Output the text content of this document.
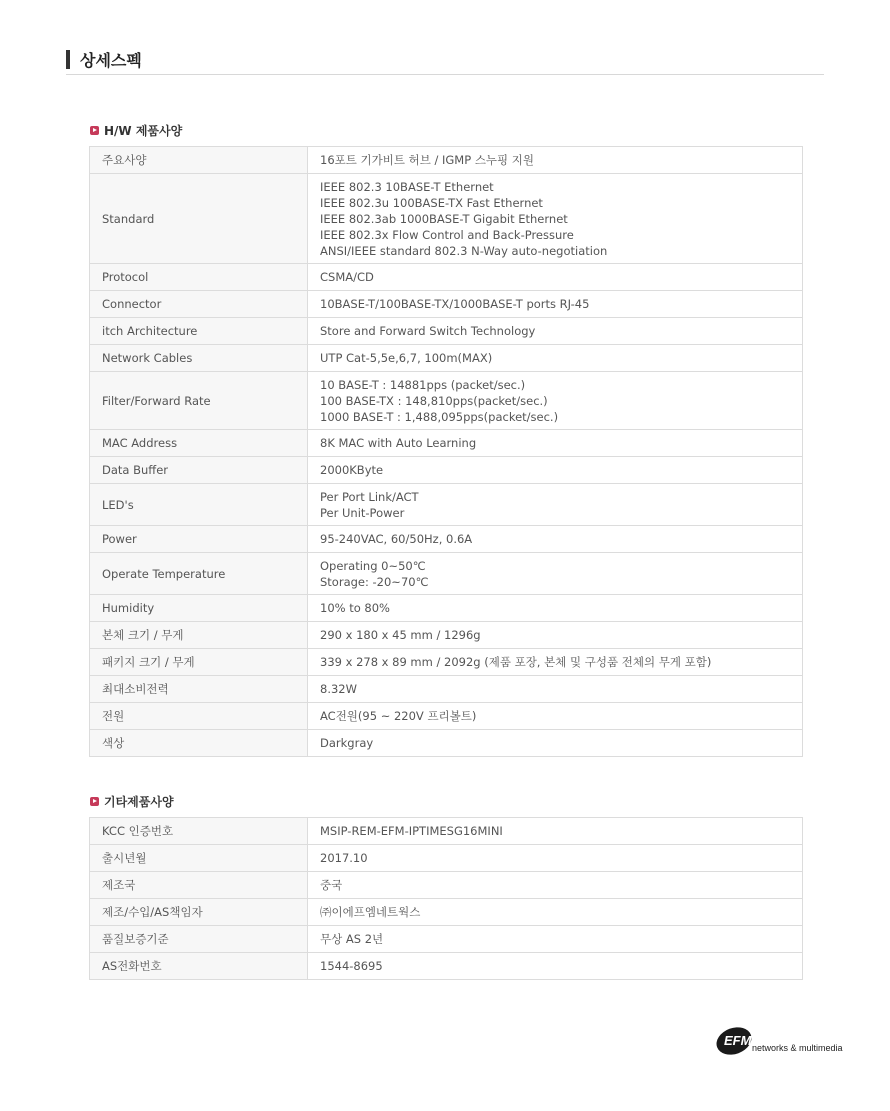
상세스펙
H/W 제품사양
주요사양	16포트 기가비트 허브 / IGMP 스누핑 지원

Standard	IEEE 802.3 10BASE-T Ethernet
IEEE 802.3u 100BASE-TX Fast Ethernet
IEEE 802.3ab 1000BASE-T Gigabit Ethernet
IEEE 802.3x Flow Control and Back-Pressure
ANSI/IEEE standard 802.3 N-Way auto-negotiation

Protocol	CSMA/CD

Connector	10BASE-T/100BASE-TX/1000BASE-T ports RJ-45

itch Architecture	Store and Forward Switch Technology

Network Cables	UTP Cat-5,5e,6,7, 100m(MAX)

Filter/Forward Rate	10 BASE-T : 14881pps (packet/sec.)
100 BASE-TX : 148,810pps(packet/sec.)
1000 BASE-T : 1,488,095pps(packet/sec.)

MAC Address	8K MAC with Auto Learning

Data Buffer	2000KByte

LED's	Per Port Link/ACT
Per Unit-Power

Power	95-240VAC, 60/50Hz, 0.6A

Operate Temperature	Operating 0~50℃
Storage: -20~70℃

Humidity	10% to 80%

본체 크기 / 무게	290 x 180 x 45 mm / 1296g

패키지 크기 / 무게	339 x 278 x 89 mm / 2092g (제품 포장, 본체 및 구성품 전체의 무게 포함)

최대소비전력	8.32W

전원	AC전원(95 ~ 220V 프리볼트)

색상	Darkgray
기타제품사양
KCC 인증번호	MSIP-REM-EFM-IPTIMESG16MINI

출시년월	2017.10

제조국	중국

제조/수입/AS책임자	㈜이에프엠네트웍스

품질보증기준	무상 AS 2년

AS전화번호	1544-8695
EFM networks & multimedia
